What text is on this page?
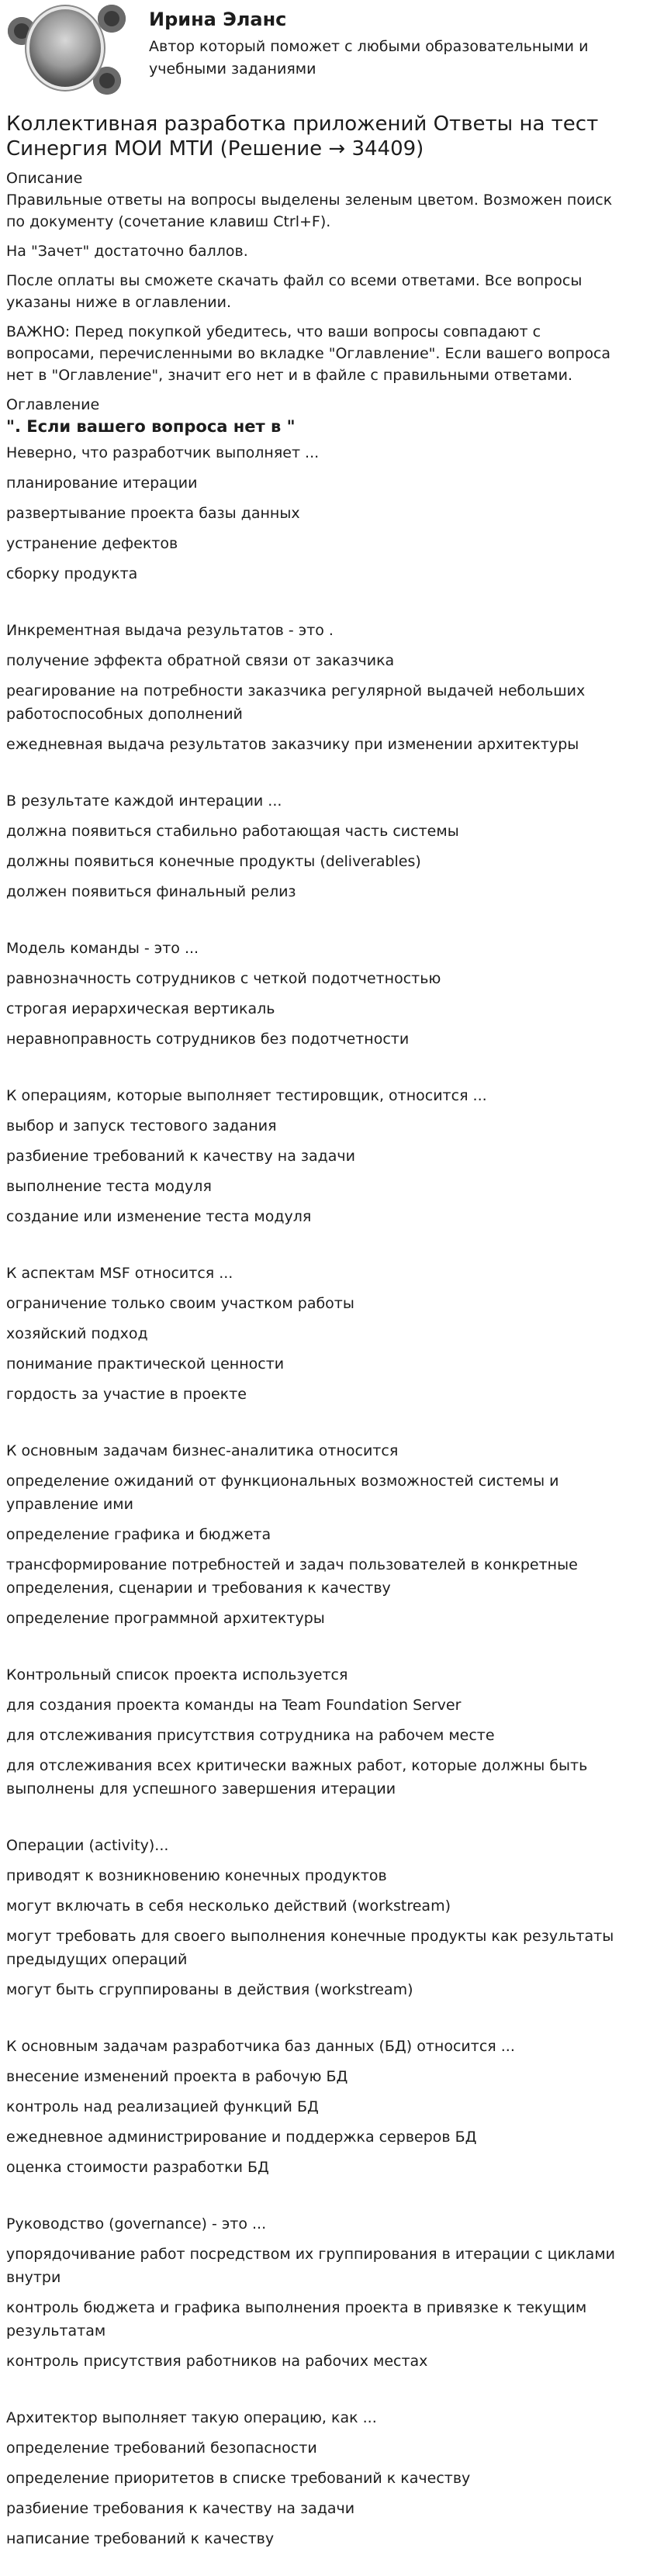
Ирина Эланс
Автор который поможет с любыми образовательными и учебными заданиями
Коллективная разработка приложений Ответы на тест Синергия МОИ МТИ (Решение → 34409)
Описание
Правильные ответы на вопросы выделены зеленым цветом. Возможен поиск по документу (сочетание клавиш Ctrl+F).
На "Зачет" достаточно баллов.
После оплаты вы сможете скачать файл со всеми ответами. Все вопросы указаны ниже в оглавлении.
ВАЖНО: Перед покупкой убедитесь, что ваши вопросы совпадают с вопросами, перечисленными во вкладке "Оглавление". Если вашего вопроса нет в "Оглавление", значит его нет и в файле с правильными ответами.
Оглавление
". Если вашего вопроса нет в "
Неверно, что разработчик выполняет ...
планирование итерации
развертывание проекта базы данных
устранение дефектов
сборку продукта
Инкрементная выдача результатов - это .
получение эффекта обратной связи от заказчика
реагирование на потребности заказчика регулярной выдачей небольших работоспособных дополнений
ежедневная выдача результатов заказчику при изменении архитектуры
В результате каждой интерации ...
должна появиться стабильно работающая часть системы
должны появиться конечные продукты (deliverables)
должен появиться финальный релиз
Модель команды - это ...
равнозначность сотрудников с четкой подотчетностью
строгая иерархическая вертикаль
неравноправность сотрудников без подотчетности
К операциям, которые выполняет тестировщик, относится ...
выбор и запуск тестового задания
разбиение требований к качеству на задачи
выполнение теста модуля
создание или изменение теста модуля
К аспектам MSF относится ...
ограничение только своим участком работы
хозяйский подход
понимание практической ценности
гордость за участие в проекте
К основным задачам бизнес-аналитика относится
определение ожиданий от функциональных возможностей системы и управление ими
определение графика и бюджета
трансформирование потребностей и задач пользователей в конкретные определения, сценарии и требования к качеству
определение программной архитектуры
Контрольный список проекта используется
для создания проекта команды на Team Foundation Server
для отслеживания присутствия сотрудника на рабочем месте
для отслеживания всех критически важных работ, которые должны быть выполнены для успешного завершения итерации
Операции (activity)...
приводят к возникновению конечных продуктов
могут включать в себя несколько действий (workstream)
могут требовать для своего выполнения конечные продукты как результаты предыдущих операций
могут быть сгруппированы в действия (workstream)
К основным задачам разработчика баз данных (БД) относится ...
внесение изменений проекта в рабочую БД
контроль над реализацией функций БД
ежедневное администрирование и поддержка серверов БД
оценка стоимости разработки БД
Руководство (governance) - это ...
упорядочивание работ посредством их группирования в итерации с циклами внутри
контроль бюджета и графика выполнения проекта в привязке к текущим результатам
контроль присутствия работников на рабочих местах
Архитектор выполняет такую операцию, как ...
определение требований безопасности
определение приоритетов в списке требований к качеству
разбиение требования к качеству на задачи
написание требований к качеству
